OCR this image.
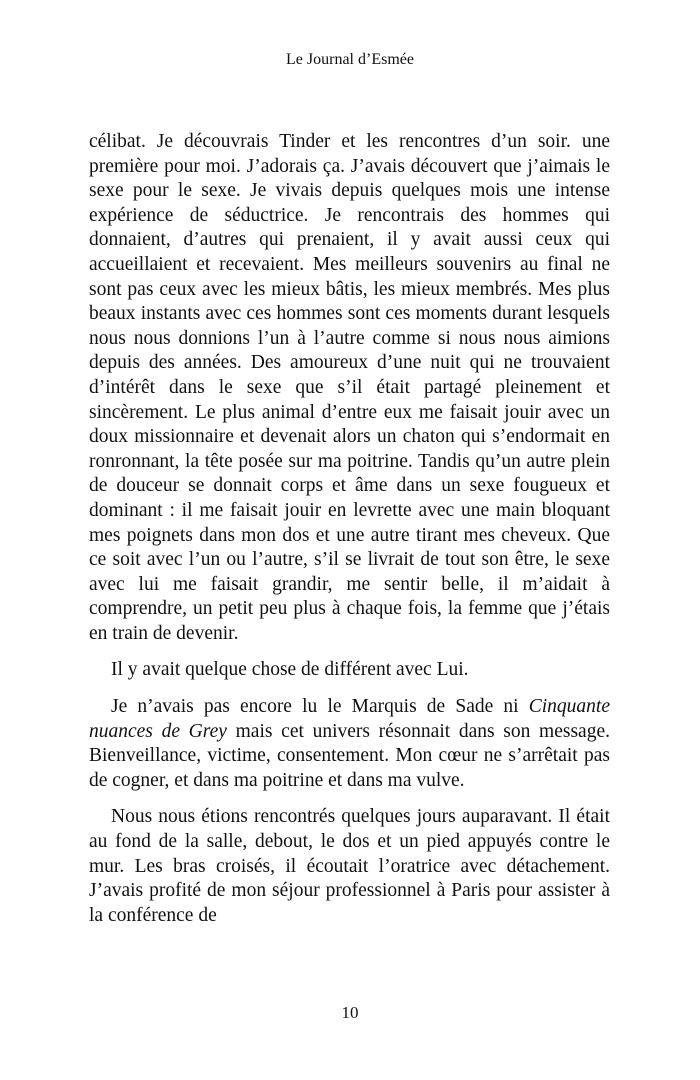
Le Journal d’Esmée

célibat. Je découvrais Tinder et les rencontres d’un soir. une première pour moi. J’adorais ça. J’avais découvert que j’aimais le sexe pour le sexe. Je vivais depuis quelques mois une intense expérience de séductrice. Je rencontrais des hommes qui donnaient, d’autres qui prenaient, il y avait aussi ceux qui accueillaient et recevaient. Mes meilleurs souvenirs au final ne sont pas ceux avec les mieux bâtis, les mieux membrés. Mes plus beaux instants avec ces hommes sont ces moments durant lesquels nous nous donnions l’un à l’autre comme si nous nous aimions depuis des années. Des amoureux d’une nuit qui ne trouvaient d’intérêt dans le sexe que s’il était partagé pleinement et sincèrement. Le plus animal d’entre eux me faisait jouir avec un doux missionnaire et devenait alors un chaton qui s’endormait en ronronnant, la tête posée sur ma poitrine. Tandis qu’un autre plein de douceur se donnait corps et âme dans un sexe fougueux et dominant : il me faisait jouir en levrette avec une main bloquant mes poignets dans mon dos et une autre tirant mes cheveux. Que ce soit avec l’un ou l’autre, s’il se livrait de tout son être, le sexe avec lui me faisait grandir, me sentir belle, il m’aidait à comprendre, un petit peu plus à chaque fois, la femme que j’étais en train de devenir.

Il y avait quelque chose de différent avec Lui.

Je n’avais pas encore lu le Marquis de Sade ni Cinquante nuances de Grey mais cet univers résonnait dans son message. Bienveillance, victime, consentement. Mon cœur ne s’arrêtait pas de cogner, et dans ma poitrine et dans ma vulve.

Nous nous étions rencontrés quelques jours auparavant. Il était au fond de la salle, debout, le dos et un pied appuyés contre le mur. Les bras croisés, il écoutait l’oratrice avec détachement. J’avais profité de mon séjour professionnel à Paris pour assister à la conférence de

10
